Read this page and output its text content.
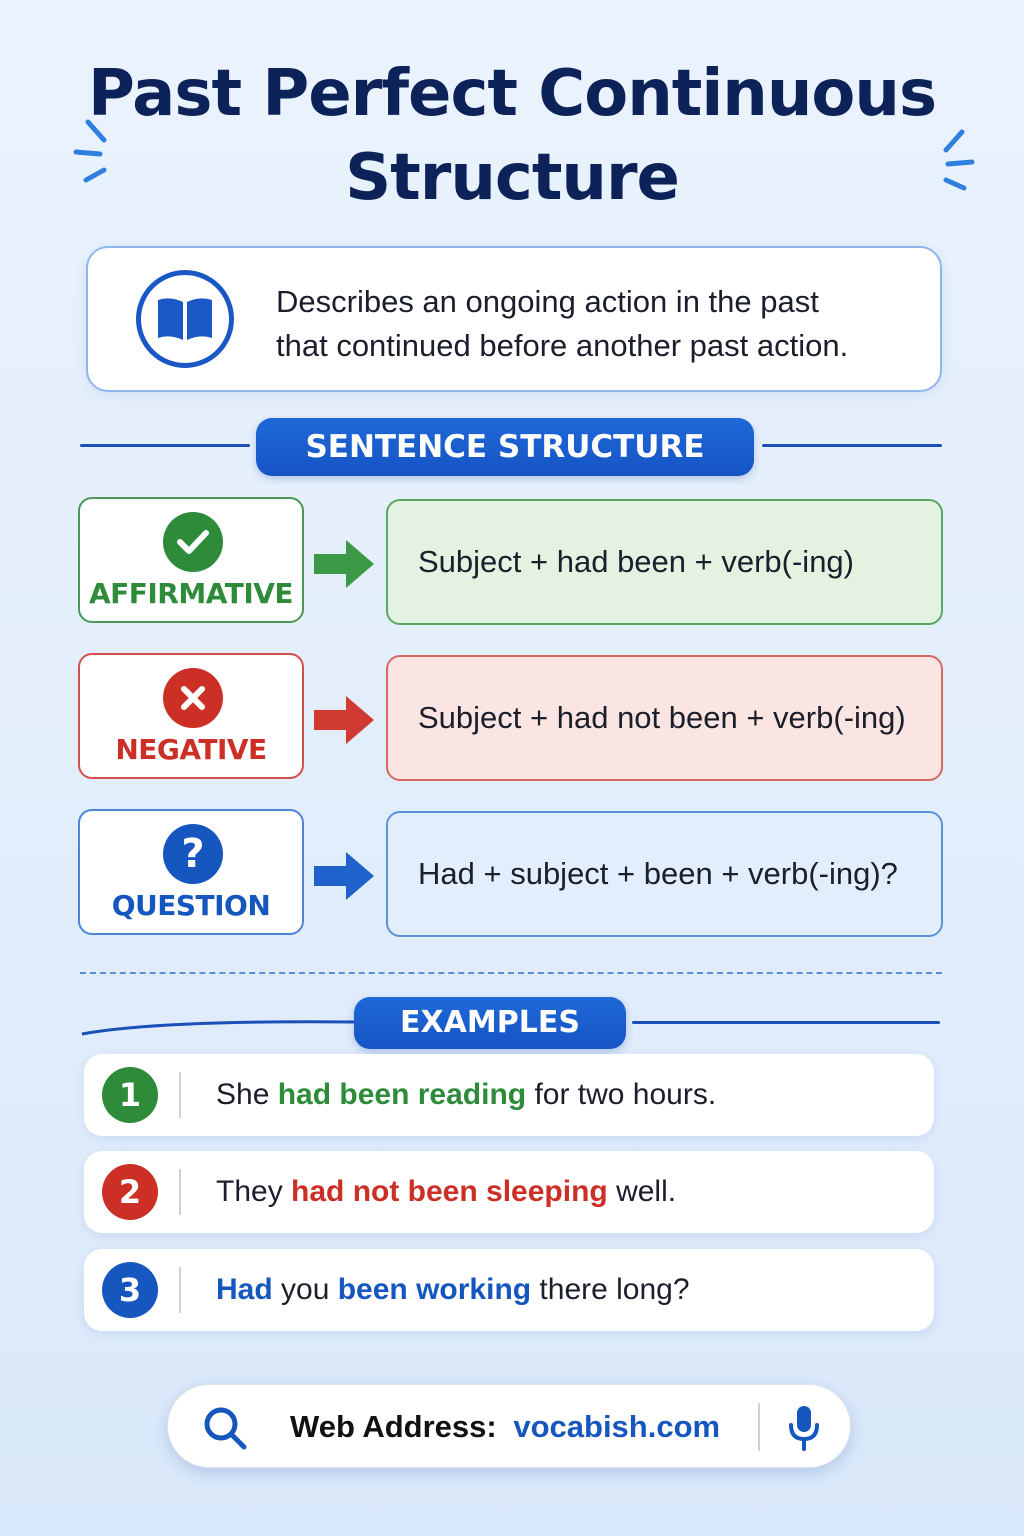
Past Perfect Continuous
Structure
Describes an ongoing action in the past
that continued before another past action.
SENTENCE STRUCTURE
AFFIRMATIVE
Subject + had been + verb(-ing)
NEGATIVE
Subject + had not been + verb(-ing)
?
QUESTION
Had + subject + been + verb(-ing)?
EXAMPLES
1	She had been reading for two hours.
2	They had not been sleeping well.
3	Had you been working there long?
Web Address: vocabish.com
